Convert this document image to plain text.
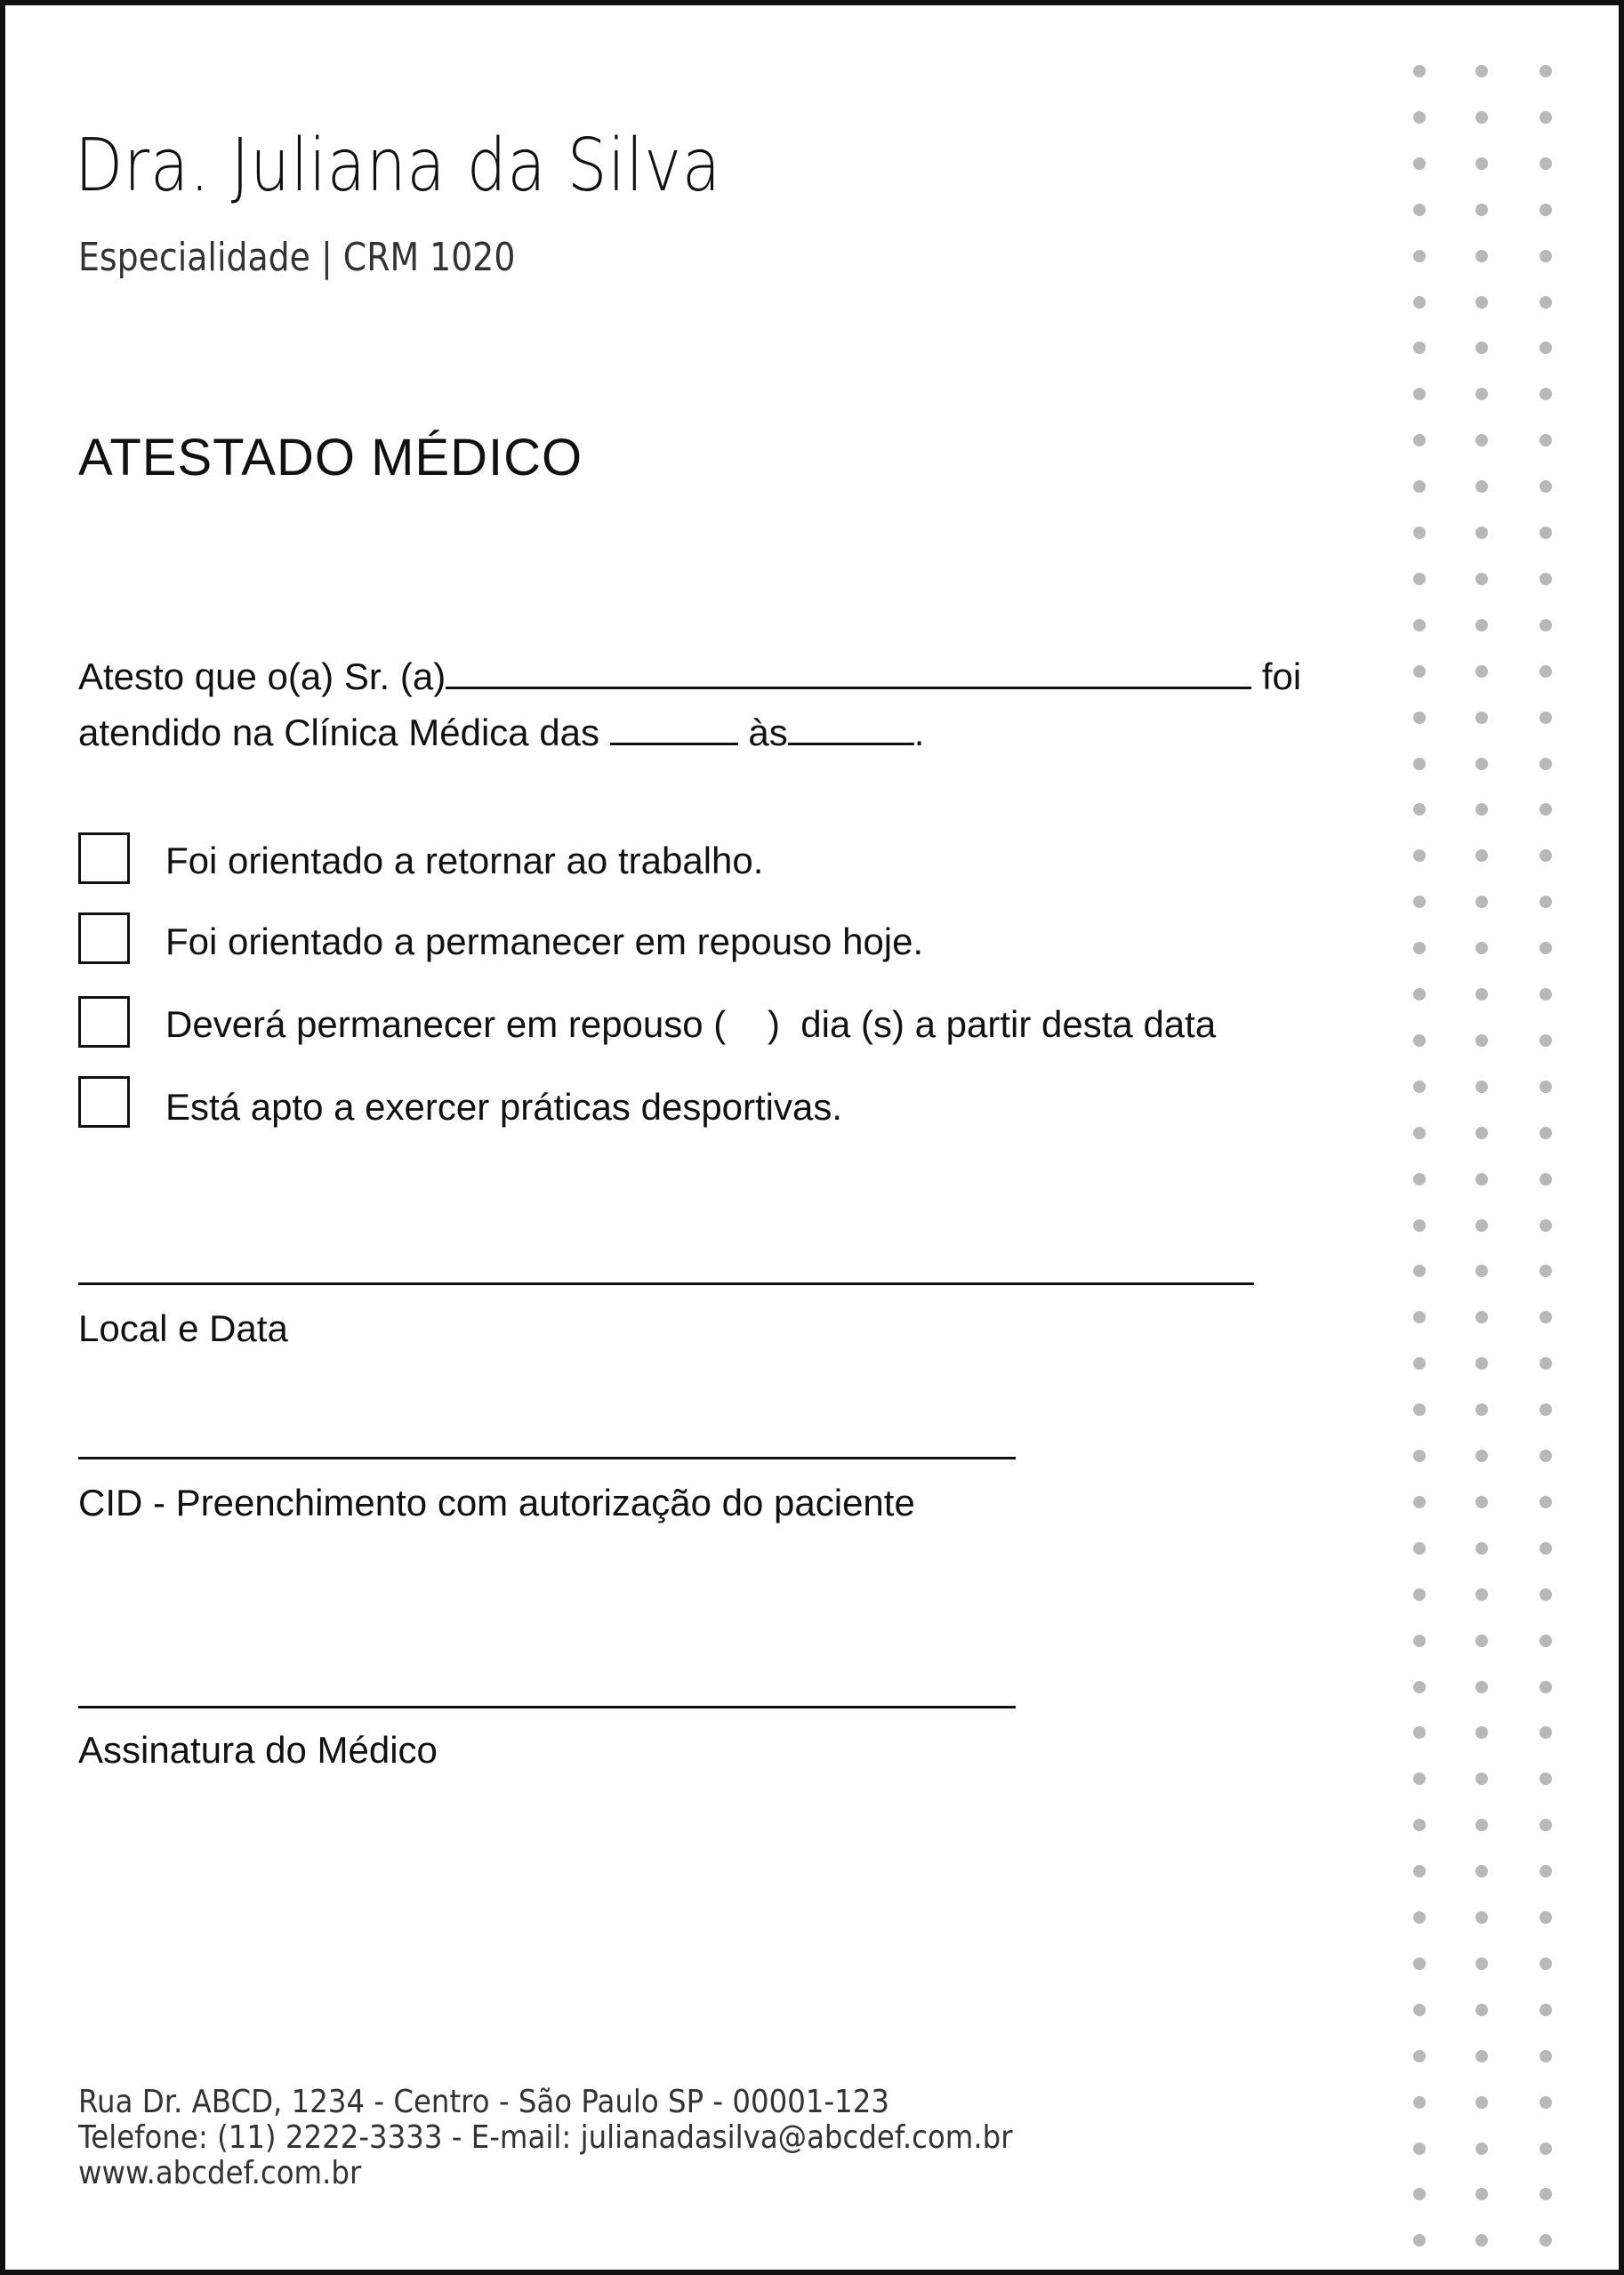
Dra. Juliana da Silva
Especialidade | CRM 1020
ATESTADO MÉDICO
Atesto que o(a) Sr. (a)	foi
atendido na Clínica Médica das	às	.
Foi orientado a retornar ao trabalho.
Foi orientado a permanecer em repouso hoje.
Deverá permanecer em repouso (    )  dia (s) a partir desta data
Está apto a exercer práticas desportivas.
Local e Data
CID - Preenchimento com autorização do paciente
Assinatura do Médico
Rua Dr. ABCD, 1234 - Centro - São Paulo SP - 00001-123
Telefone: (11) 2222-3333 - E-mail: julianadasilva@abcdef.com.br
www.abcdef.com.br
